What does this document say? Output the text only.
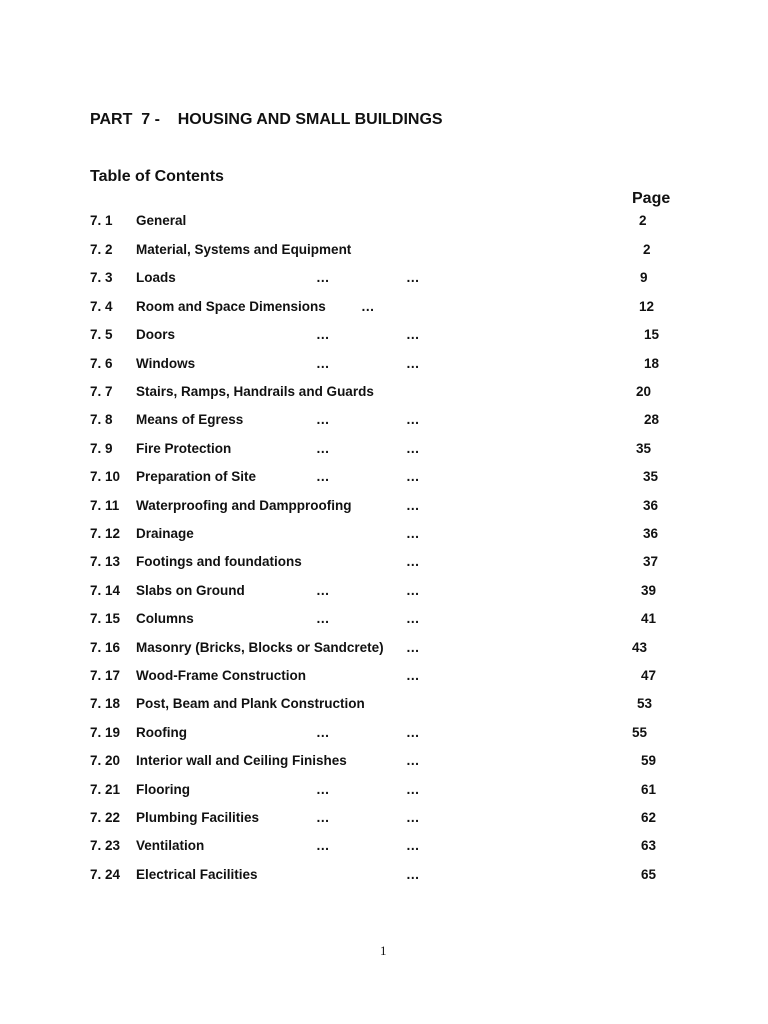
PART  7 -    HOUSING AND SMALL BUILDINGS
Table of Contents
Page
7. 1 General	2
7. 2 Material, Systems and Equipment	2
7. 3 Loads	…	…	9
7. 4 Room and Space Dimensions	…	12
7. 5 Doors	…	…	15
7. 6 Windows	…	…	18
7. 7 Stairs, Ramps, Handrails and Guards	20
7. 8 Means of Egress	…	…	28
7. 9 Fire Protection	…	…	35
7. 10 Preparation of Site	…	…	35
7. 11 Waterproofing and Dampproofing	…	36
7. 12 Drainage	…	36
7. 13 Footings and foundations	…	37
7. 14 Slabs on Ground	…	…	39
7. 15 Columns	…	…	41
7. 16 Masonry (Bricks, Blocks or Sandcrete) …	43
7. 17 Wood-Frame Construction	…	47
7. 18 Post, Beam and Plank Construction	53
7. 19 Roofing	…	…	55
7. 20 Interior wall and Ceiling Finishes	…	59
7. 21 Flooring	…	…	61
7. 22 Plumbing Facilities	…	…	62
7. 23 Ventilation	…	…	63
7. 24 Electrical Facilities	…	65
1
